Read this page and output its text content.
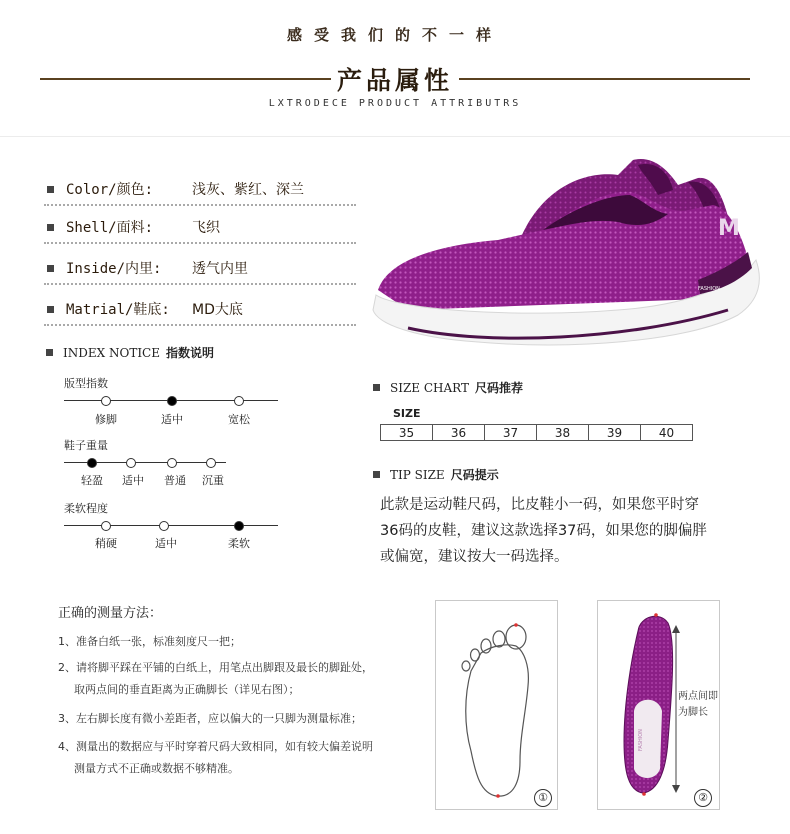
感受我们的不一样
产品属性
LXTRODECE PRODUCT ATTRIBUTRS
Color/颜色:	浅灰、紫红、深兰
Shell/面料:	飞织
Inside/内里:	透气内里
Matrial/鞋底:	MD大底
M
FASHION
INDEX NOTICE 指数说明
版型指数
修脚	适中	宽松
鞋子重量
轻盈 适中 普通 沉重
柔软程度
稍硬	适中	柔软
SIZE CHART 尺码推荐
SIZE
35	36	37	38	39	40
TIP SIZE 尺码提示
此款是运动鞋尺码，比皮鞋小一码，如果您平时穿36码的皮鞋，建议这款选择37码，如果您的脚偏胖或偏宽，建议按大一码选择。
正确的测量方法：
1、准备白纸一张，标准刻度尺一把；
2、请将脚平踩在平铺的白纸上，用笔点出脚跟及最长的脚趾处，
取两点间的垂直距离为正确脚长（详见右图）；
3、左右脚长度有微小差距者，应以偏大的一只脚为测量标准；
4、测量出的数据应与平时穿着尺码大致相同，如有较大偏差说明
测量方式不正确或数据不够精准。
①
FASHION
两点间即为脚长
②
